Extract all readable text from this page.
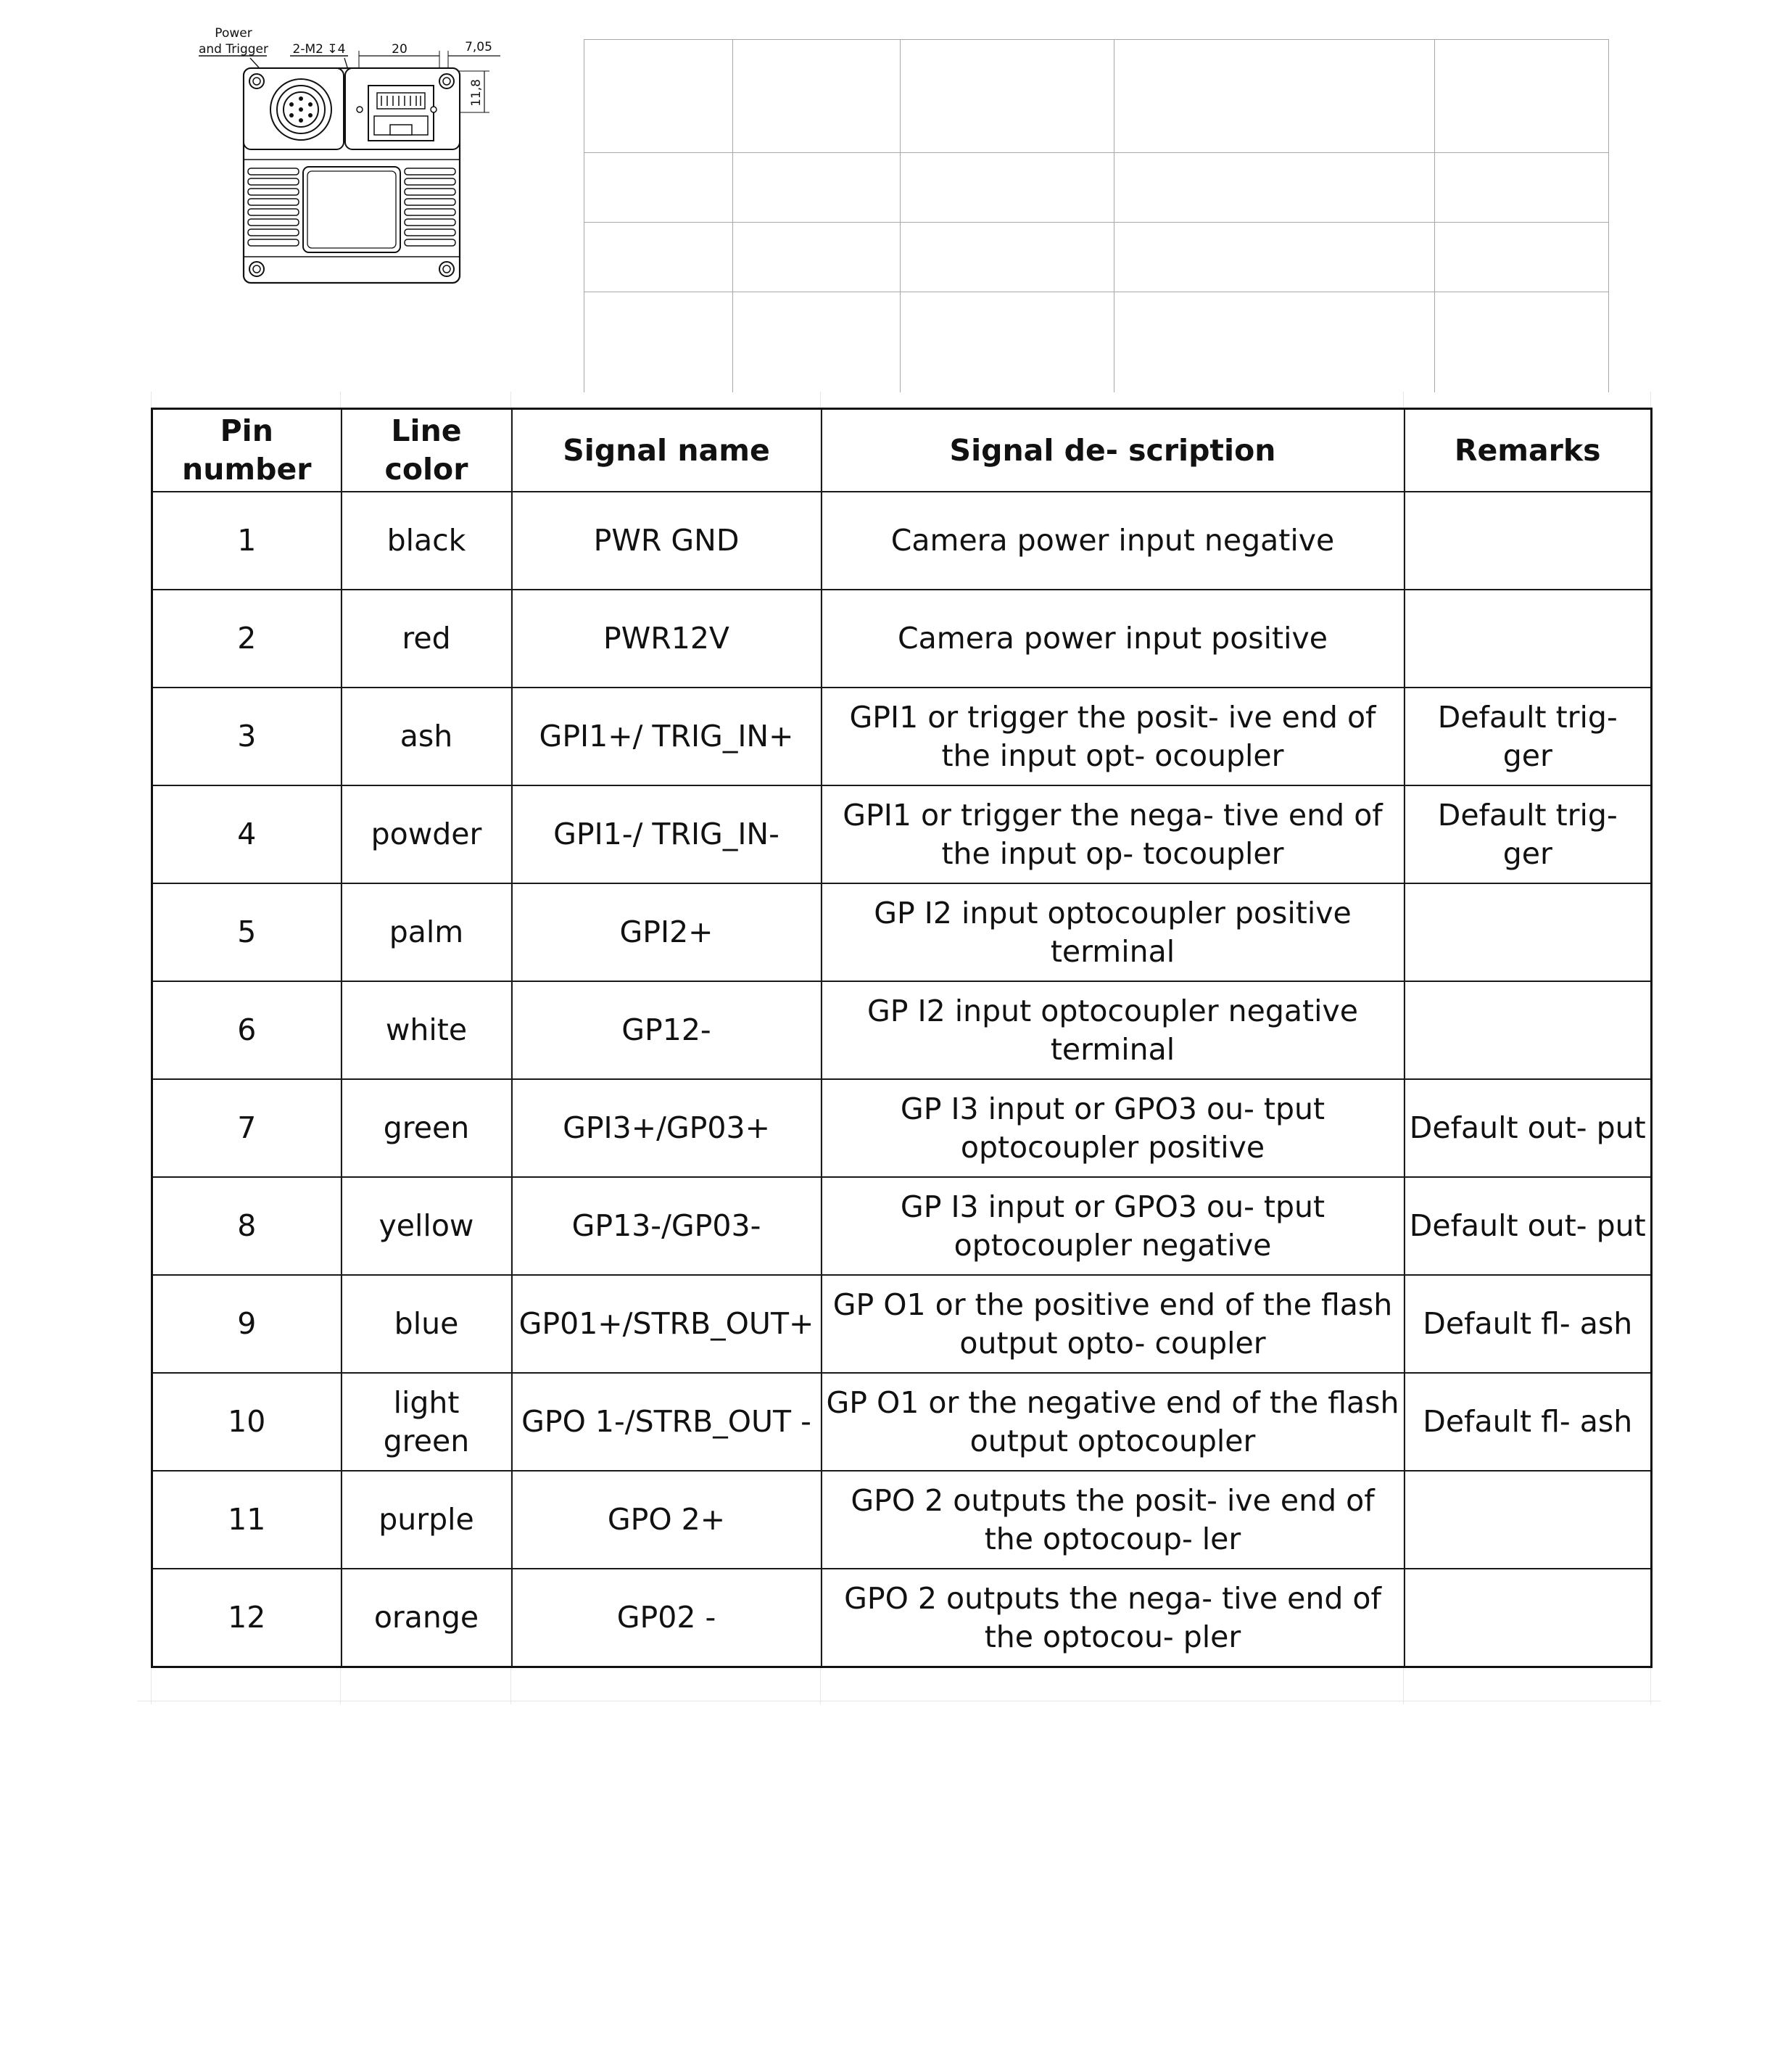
Power
and Trigger 2-M2 ↧4	20	7,05
11,8

Pin number	Line color	Signal name	Signal de- scription	Remarks
1	black	PWR GND	Camera power input negative	
2	red	PWR12V	Camera power input positive	
3	ash	GPI1+/ TRIG_IN+	GPI1 or trigger the posit- ive end of the input opt- ocoupler	Default trig- ger
4	powder	GPI1-/ TRIG_IN-	GPI1 or trigger the nega- tive end of the input op- tocoupler	Default trig- ger
5	palm	GPI2+	GP I2 input optocoupler positive terminal	
6	white	GP12-	GP I2 input optocoupler negative terminal	
7	green	GPI3+/GP03+	GP I3 input or GPO3 ou- tput optocoupler positive	Default out- put
8	yellow	GP13-/GP03-	GP I3 input or GPO3 ou- tput optocoupler negative	Default out- put
9	blue	GP01+/STRB_OUT+	GP O1 or the positive end of the flash output opto- coupler	Default fl- ash
10	light green	GPO 1-/STRB_OUT -	GP O1 or the negative end of the flash output optocoupler	Default fl- ash
11	purple	GPO 2+	GPO 2 outputs the posit- ive end of the optocoup- ler	
12	orange	GP02 -	GPO 2 outputs the nega- tive end of the optocou- pler	
